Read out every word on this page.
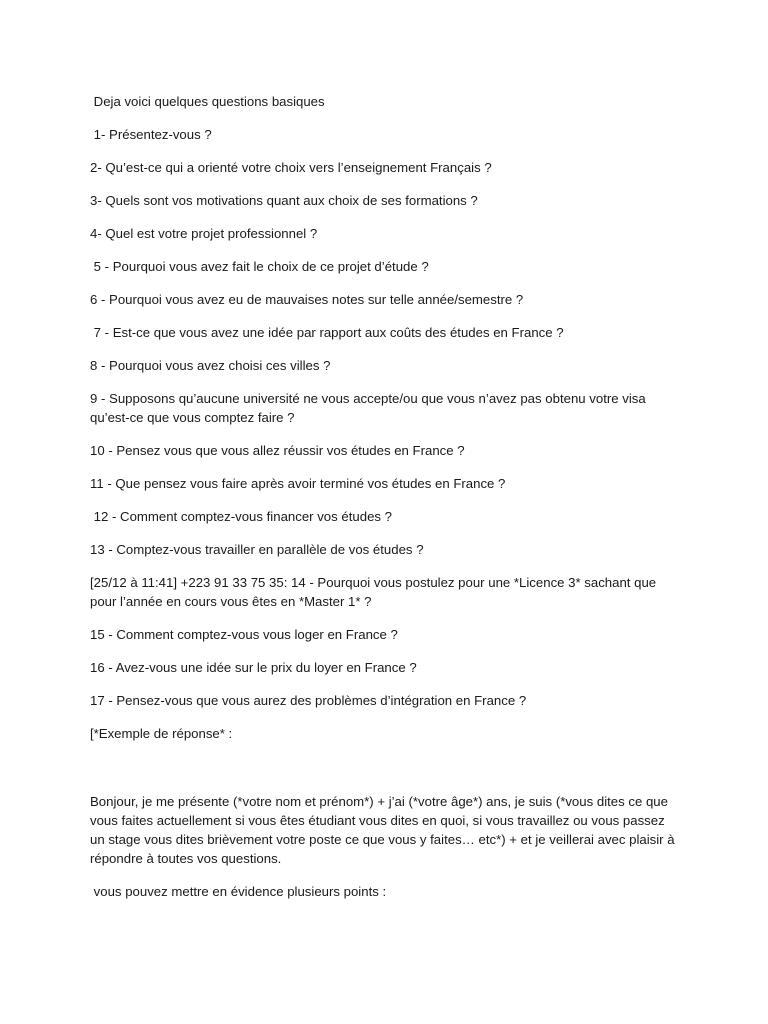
Deja voici quelques questions basiques

1- Présentez-vous ?

2- Qu’est-ce qui a orienté votre choix vers l’enseignement Français ?

3- Quels sont vos motivations quant aux choix de ses formations ?

4- Quel est votre projet professionnel ?

5 - Pourquoi vous avez fait le choix de ce projet d’étude ?

6 - Pourquoi vous avez eu de mauvaises notes sur telle année/semestre ?

7 - Est-ce que vous avez une idée par rapport aux coûts des études en France ?

8 - Pourquoi vous avez choisi ces villes ?

9 - Supposons qu’aucune université ne vous accepte/ou que vous n’avez pas obtenu votre visa qu’est-ce que vous comptez faire ?

10 - Pensez vous que vous allez réussir vos études en France ?

11 - Que pensez vous faire après avoir terminé vos études en France ?

12 - Comment comptez-vous financer vos études ?

13 - Comptez-vous travailler en parallèle de vos études ?

[25/12 à 11:41] +223 91 33 75 35: 14 - Pourquoi vous postulez pour une *Licence 3* sachant que pour l’année en cours vous êtes en *Master 1* ?

15 - Comment comptez-vous vous loger en France ?

16 - Avez-vous une idée sur le prix du loyer en France ?

17 - Pensez-vous que vous aurez des problèmes d’intégration en France ?

[*Exemple de réponse* :

Bonjour, je me présente (*votre nom et prénom*) + j’ai (*votre âge*) ans, je suis (*vous dites ce que vous faites actuellement si vous êtes étudiant vous dites en quoi, si vous travaillez ou vous passez un stage vous dites brièvement votre poste ce que vous y faites… etc*) + et je veillerai avec plaisir à répondre à toutes vos questions.

vous pouvez mettre en évidence plusieurs points :
